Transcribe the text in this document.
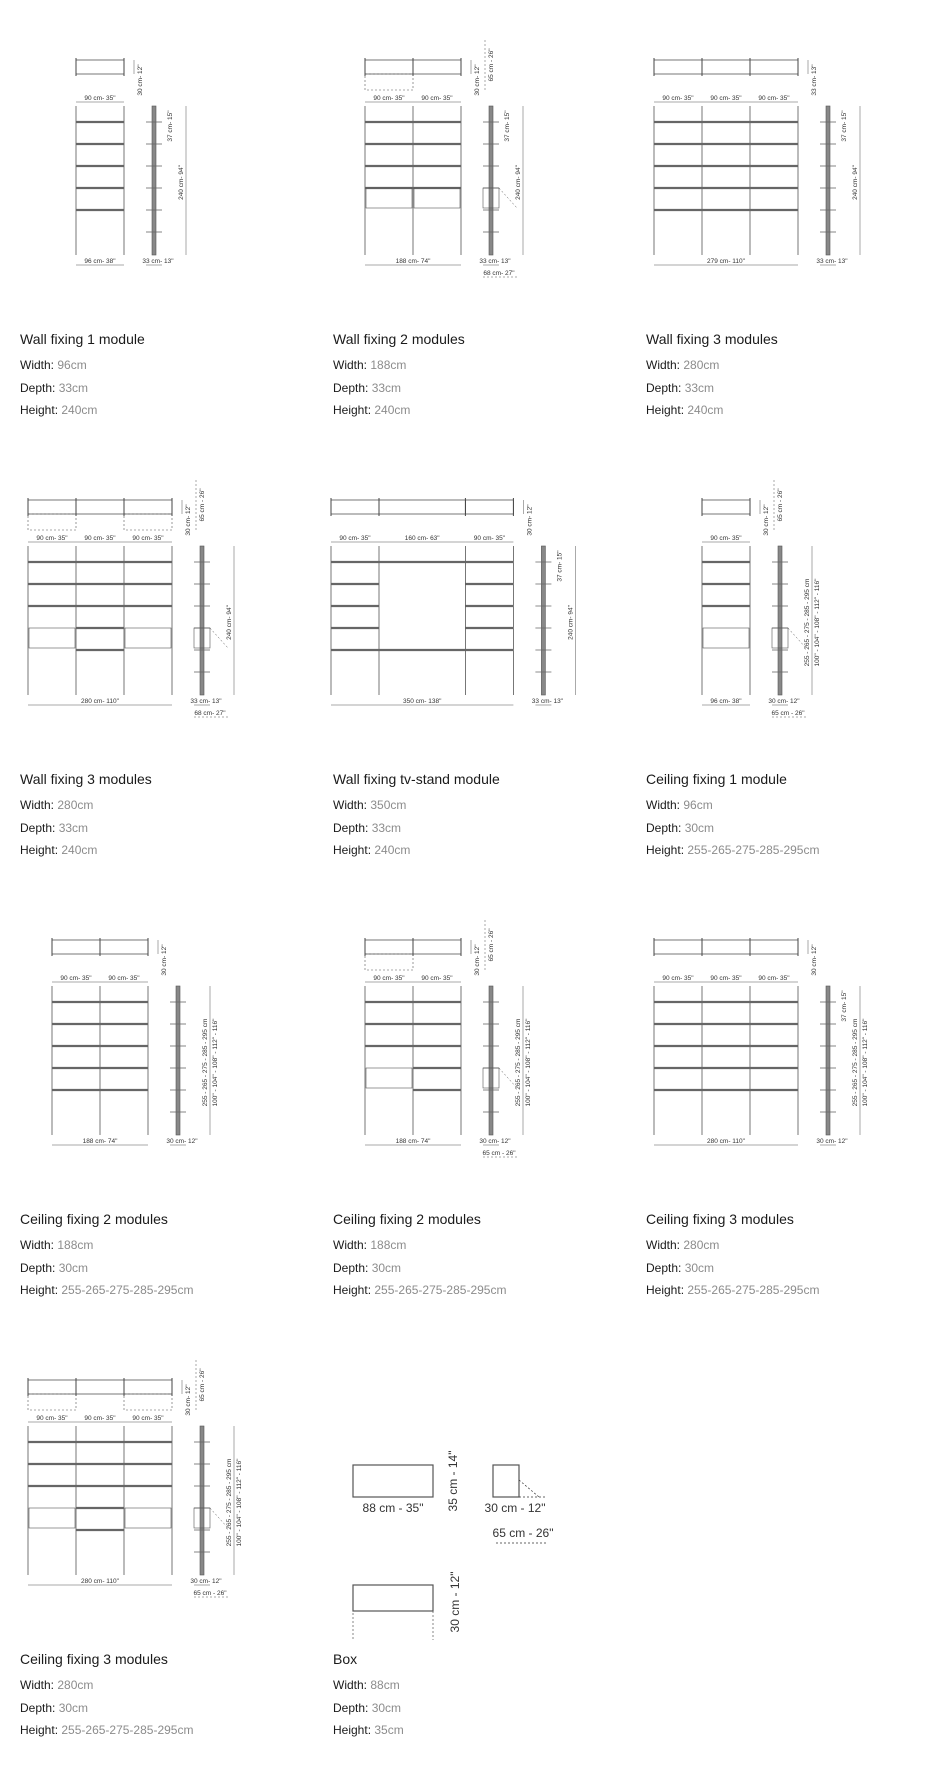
90 cm- 35"
30 cm- 12"
96 cm- 38"	33 cm- 13"
240 cm- 94"
37 cm- 15"
Wall fixing 1 module
Width: 96cm
Depth: 33cm
Height: 240cm
90 cm- 35"	90 cm- 35"
30 cm- 12" 65 cm - 26"
188 cm- 74"	33 cm- 13"
68 cm- 27"
240 cm- 94"
37 cm- 15"
Wall fixing 2 modules
Width: 188cm
Depth: 33cm
Height: 240cm
90 cm- 35"	90 cm- 35"	90 cm- 35"
33 cm- 13"
279 cm- 110"	33 cm- 13"
240 cm- 94"
37 cm- 15"
Wall fixing 3 modules
Width: 280cm
Depth: 33cm
Height: 240cm
90 cm- 35"	90 cm- 35"	90 cm- 35"
30 cm- 12" 65 cm - 26"
280 cm- 110"	33 cm- 13"
68 cm- 27"
240 cm- 94"
Wall fixing 3 modules
Width: 280cm
Depth: 33cm
Height: 240cm
90 cm- 35"	160 cm- 63"	90 cm- 35"
30 cm- 12"
350 cm- 138"	33 cm- 13"
240 cm- 94"
37 cm- 15"
Wall fixing tv-stand module
Width: 350cm
Depth: 33cm
Height: 240cm
90 cm- 35"
30 cm- 12" 65 cm - 26"
96 cm- 38"	30 cm- 12"
65 cm - 26"
255 - 265 - 275 - 285 - 295 cm 100" - 104" - 108" - 112" - 116"
Ceiling fixing 1 module
Width: 96cm
Depth: 30cm
Height: 255-265-275-285-295cm
90 cm- 35"	90 cm- 35"
30 cm- 12"
188 cm- 74"	30 cm- 12"
255 - 265 - 275 - 285 - 295 cm 100" - 104" - 108" - 112" - 116"
Ceiling fixing 2 modules
Width: 188cm
Depth: 30cm
Height: 255-265-275-285-295cm
90 cm- 35"	90 cm- 35"
30 cm- 12" 65 cm - 26"
188 cm- 74"	30 cm- 12"
65 cm - 26"
255 - 265 - 275 - 285 - 295 cm 100" - 104" - 108" - 112" - 116"
Ceiling fixing 2 modules
Width: 188cm
Depth: 30cm
Height: 255-265-275-285-295cm
90 cm- 35"	90 cm- 35"	90 cm- 35"
30 cm- 12"
280 cm- 110"	30 cm- 12"
255 - 265 - 275 - 285 - 295 cm 100" - 104" - 108" - 112" - 116"
37 cm- 15"
Ceiling fixing 3 modules
Width: 280cm
Depth: 30cm
Height: 255-265-275-285-295cm
90 cm- 35"	90 cm- 35"	90 cm- 35"
30 cm- 12" 65 cm - 26"
280 cm- 110"	30 cm- 12"
65 cm - 26"
255 - 265 - 275 - 285 - 295 cm 100" - 104" - 108" - 112" - 116"
Ceiling fixing 3 modules
Width: 280cm
Depth: 30cm
Height: 255-265-275-285-295cm
88 cm - 35" 35 cm - 14" 30 cm - 12"
65 cm - 26"
30 cm - 12"
Box
Width: 88cm
Depth: 30cm
Height: 35cm
